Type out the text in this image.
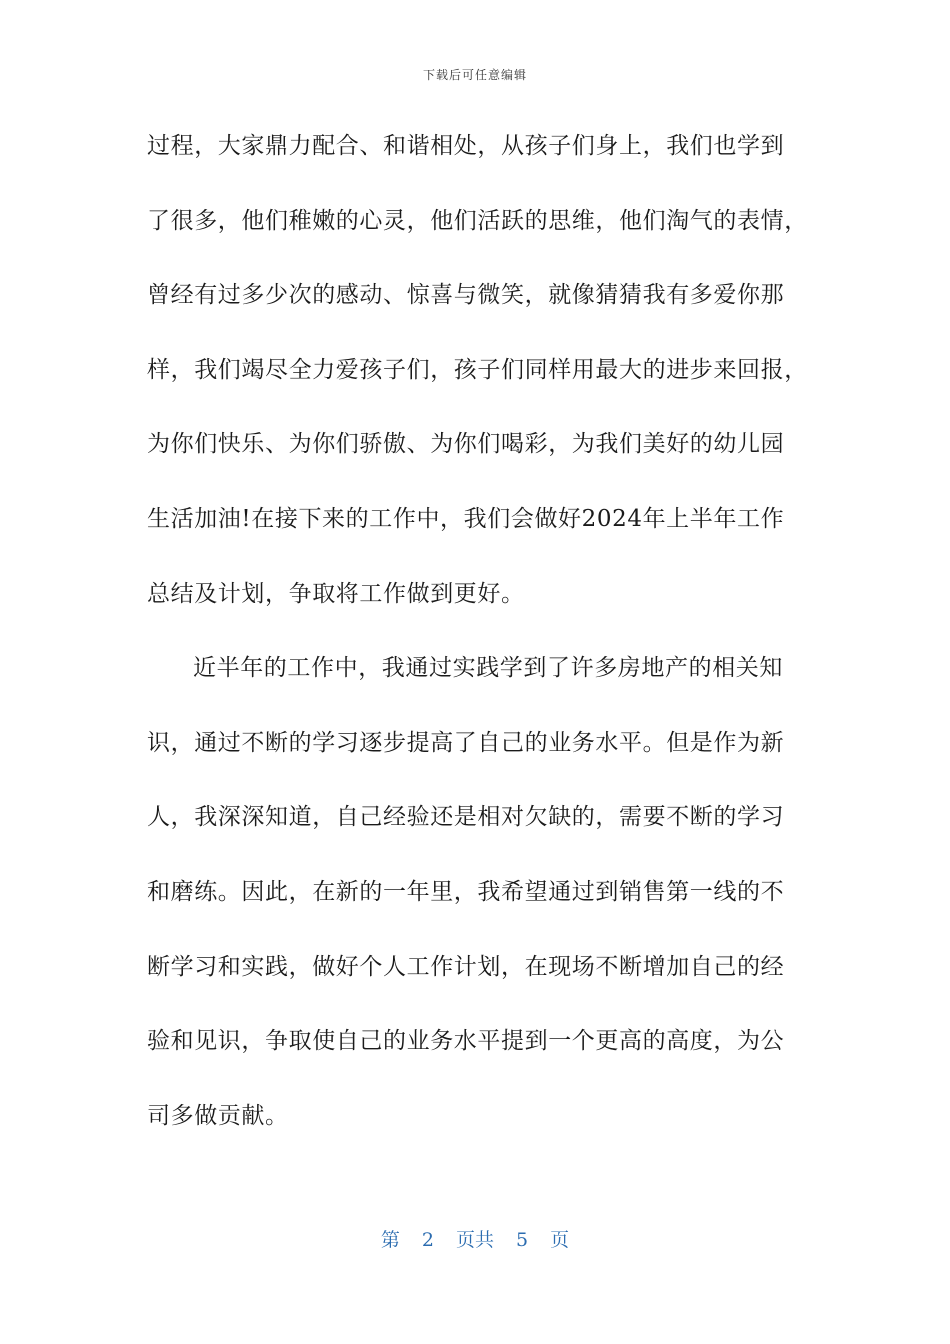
下载后可任意编辑
过程，大家鼎力配合、和谐相处，从孩子们身上，我们也学到
了很多，他们稚嫩的心灵，他们活跃的思维，他们淘气的表情，
曾经有过多少次的感动、惊喜与微笑，就像猜猜我有多爱你那
样，我们竭尽全力爱孩子们，孩子们同样用最大的进步来回报，
为你们快乐、为你们骄傲、为你们喝彩，为我们美好的幼儿园
生活加油!在接下来的工作中，我们会做好2024年上半年工作
总结及计划，争取将工作做到更好。
近半年的工作中，我通过实践学到了许多房地产的相关知
识，通过不断的学习逐步提高了自己的业务水平。但是作为新
人，我深深知道，自己经验还是相对欠缺的，需要不断的学习
和磨练。因此，在新的一年里，我希望通过到销售第一线的不
断学习和实践，做好个人工作计划，在现场不断增加自己的经
验和见识，争取使自己的业务水平提到一个更高的高度，为公
司多做贡献。
第 2 页共 5 页
